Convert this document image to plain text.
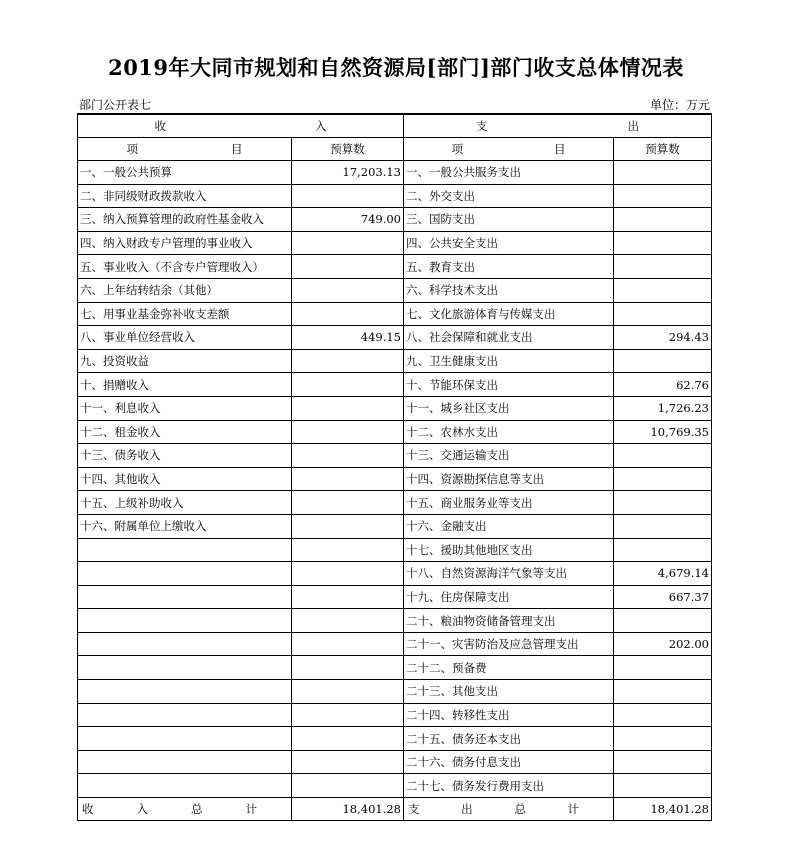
2019年大同市规划和自然资源局[部门]部门收支总体情况表
部门公开表七	单位：万元
收 入		支 出	

项 目	预算数	项 目	预算数
一、一般公共预算	17,203.13	一、一般公共服务支出	
二、非同级财政拨款收入		二、外交支出	
三、纳入预算管理的政府性基金收入	749.00	三、国防支出	
四、纳入财政专户管理的事业收入		四、公共安全支出	
五、事业收入（不含专户管理收入）		五、教育支出	
六、上年结转结余（其他）		六、科学技术支出	
七、用事业基金弥补收支差额		七、文化旅游体育与传媒支出	
八、事业单位经营收入	449.15	八、社会保障和就业支出	294.43
九、投资收益		九、卫生健康支出	
十、捐赠收入		十、节能环保支出	62.76
十一、利息收入		十一、城乡社区支出	1,726.23
十二、租金收入		十二、农林水支出	10,769.35
十三、债务收入		十三、交通运输支出	
十四、其他收入		十四、资源勘探信息等支出	
十五、上级补助收入		十五、商业服务业等支出	
十六、附属单位上缴收入		十六、金融支出	
		十七、援助其他地区支出	
		十八、自然资源海洋气象等支出	4,679.14
		十九、住房保障支出	667.37
		二十、粮油物资储备管理支出	
		二十一、灾害防治及应急管理支出	202.00
		二十二、预备费	
		二十三、其他支出	
		二十四、转移性支出	
		二十五、债务还本支出	
		二十六、债务付息支出	
		二十七、债务发行费用支出	

收 入 总 计	18,401.28	支 出 总 计	18,401.28
